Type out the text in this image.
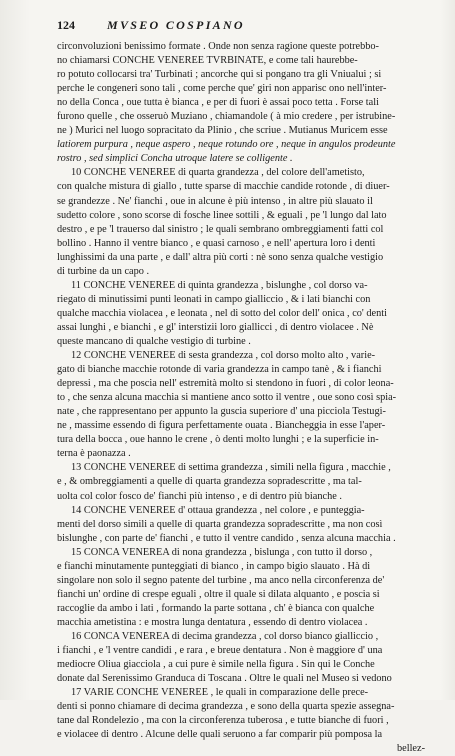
124	MVSEO COSPIANO
circonvoluzioni benissimo formate . Onde non senza ragione queste potrebbo-
no chiamarsi CONCHE VENEREE TVRBINATE, e come tali haurebbe-
ro potuto collocarsi tra' Turbinati ; ancorche qui si pongano tra gli Vniualui ; si
perche le congeneri sono tali , come perche que' giri non apparisc ono nell'inter-
no della Conca , oue tutta è bianca , e per di fuori è assai poco tetta . Forse tali
furono quelle , che osseruò Muziano , chiamandole ( à mio credere , per istrubine-
ne ) Murici nel luogo sopracitato da Plinio , che scriue . Mutianus Muricem esse
latiorem purpura , neque aspero , neque rotundo ore , neque in angulos prodeunte
rostro , sed simplici Concha utroque latere se colligente .
10 CONCHE VENEREE di quarta grandezza , del colore dell'ametisto,
con qualche mistura di giallo , tutte sparse di macchie candide rotonde , di diuer-
se grandezze . Ne' fianchi , oue in alcune è più intenso , in altre più slauato il
sudetto colore , sono scorse di fosche linee sottili , & eguali , pe 'l lungo dal lato
destro , e pe 'l trauerso dal sinistro ; le quali sembrano ombreggiamenti fatti col
bollino . Hanno il ventre bianco , e quasi carnoso , e nell' apertura loro i denti
lunghissimi da una parte , e dall' altra più corti : nè sono senza qualche vestigio
di turbine da un capo .
11 CONCHE VENEREE di quinta grandezza , bislunghe , col dorso va-
riegato di minutissimi punti leonati in campo gialliccio , & i lati bianchi con
qualche macchia violacea , e leonata , nel di sotto del color dell' onica , co' denti
assai lunghi , e bianchi , e gl' interstizii loro giallicci , di dentro violacee . Nè
queste mancano di qualche vestigio di turbine .
12 CONCHE VENEREE di sesta grandezza , col dorso molto alto , varie-
gato di bianche macchie rotonde di varia grandezza in campo tanè , & i fianchi
depressi , ma che poscia nell' estremità molto si stendono in fuori , di color leona-
to , che senza alcuna macchia si mantiene anco sotto il ventre , oue sono così spia-
nate , che rappresentano per appunto la guscia superiore d' una picciola Testugi-
ne , massime essendo di figura perfettamente ouata . Biancheggia in esse l'aper-
tura della bocca , oue hanno le crene , ò denti molto lunghi ; e la superficie in-
terna è paonazza .
13 CONCHE VENEREE di settima grandezza , simili nella figura , macchie ,
e , & ombreggiamenti a quelle di quarta grandezza sopradescritte , ma tal-
uolta col color fosco de' fianchi più intenso , e di dentro più bianche .
14 CONCHE VENEREE d' ottaua grandezza , nel colore , e punteggia-
menti del dorso simili a quelle di quarta grandezza sopradescritte , ma non così
bislunghe , con parte de' fianchi , e tutto il ventre candido , senza alcuna macchia .
15 CONCA VENEREA di nona grandezza , bislunga , con tutto il dorso ,
e fianchi minutamente punteggiati di bianco , in campo bigio slauato . Hà di
singolare non solo il segno patente del turbine , ma anco nella circonferenza de'
fianchi un' ordine di crespe eguali , oltre il quale si dilata alquanto , e poscia si
raccoglie da ambo i lati , formando la parte sottana , ch' è bianca con qualche
macchia ametistina : e mostra lunga dentatura , essendo di dentro violacea .
16 CONCA VENEREA di decima grandezza , col dorso bianco gialliccio ,
i fianchi , e 'l ventre candidi , e rara , e breue dentatura . Non è maggiore d' una
mediocre Oliua giacciola , a cui pure è simile nella figura . Sin qui le Conche
donate dal Serenissimo Granduca di Toscana . Oltre le quali nel Museo si vedono
17 VARIE CONCHE VENEREE , le quali in comparazione delle prece-
denti si ponno chiamare di decima grandezza , e sono della quarta spezie assegna-
tane dal Rondelezio , ma con la circonferenza tuberosa , e tutte bianche di fuori ,
e violacee di dentro . Alcune delle quali seruono a far comparir più pomposa la
bellez-
